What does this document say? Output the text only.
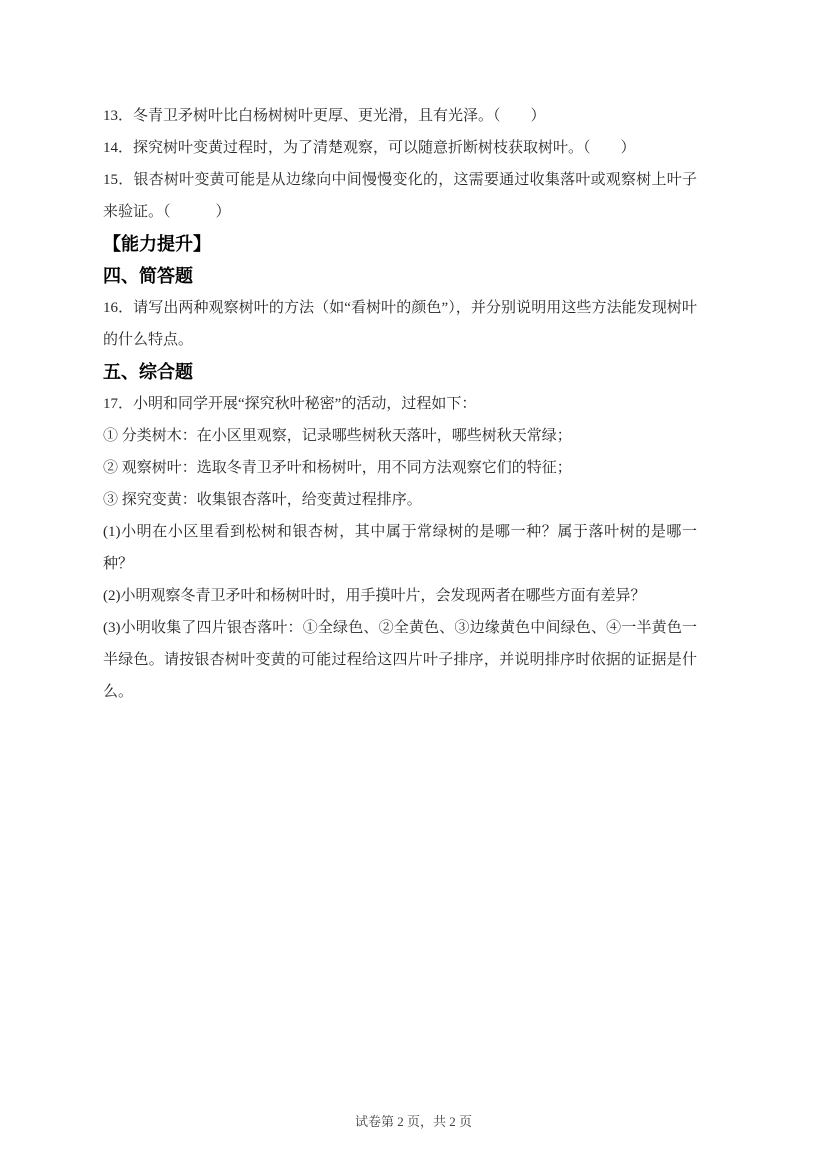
13．冬青卫矛树叶比白杨树树叶更厚、更光滑，且有光泽。（　　）

14．探究树叶变黄过程时，为了清楚观察，可以随意折断树枝获取树叶。（　　）

15．银杏树叶变黄可能是从边缘向中间慢慢变化的，这需要通过收集落叶或观察树上叶子来验证。（　　　）

【能力提升】
四、简答题

16．请写出两种观察树叶的方法（如“看树叶的颜色”），并分别说明用这些方法能发现树叶的什么特点。

五、综合题

17．小明和同学开展“探究秋叶秘密”的活动，过程如下：

① 分类树木：在小区里观察，记录哪些树秋天落叶，哪些树秋天常绿；

② 观察树叶：选取冬青卫矛叶和杨树叶，用不同方法观察它们的特征；

③ 探究变黄：收集银杏落叶，给变黄过程排序。

(1)小明在小区里看到松树和银杏树，其中属于常绿树的是哪一种？属于落叶树的是哪一种？

(2)小明观察冬青卫矛叶和杨树叶时，用手摸叶片，会发现两者在哪些方面有差异？

(3)小明收集了四片银杏落叶：①全绿色、②全黄色、③边缘黄色中间绿色、④一半黄色一半绿色。请按银杏树叶变黄的可能过程给这四片叶子排序，并说明排序时依据的证据是什么。

试卷第 2 页，共 2 页
